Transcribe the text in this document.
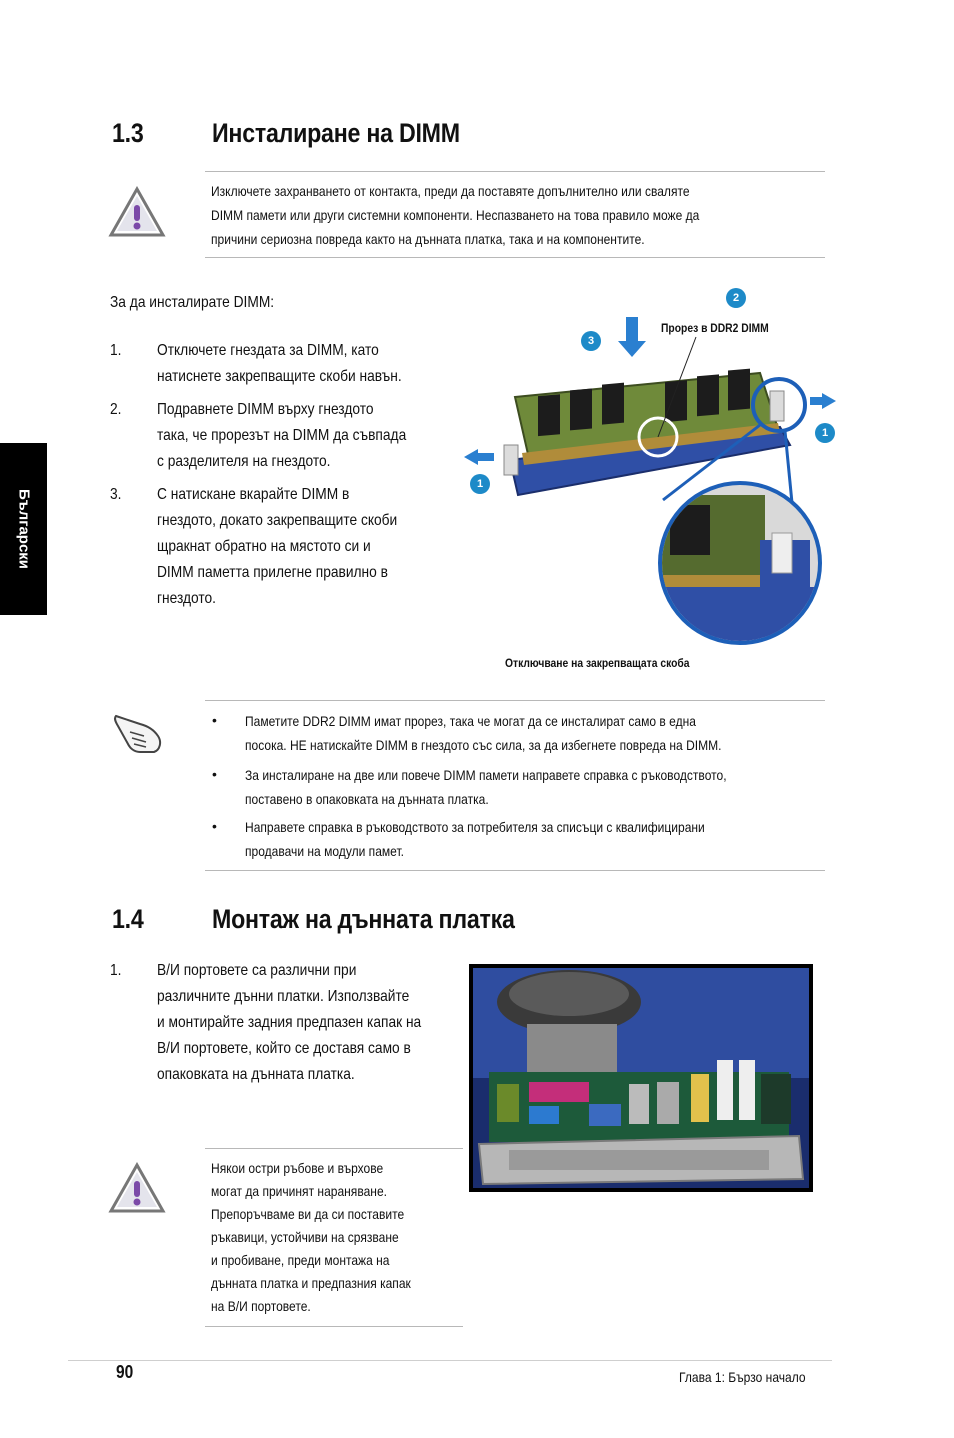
1.3	Инсталиране на DIMM
Изключете захранването от контакта, преди да поставяте допълнително или сваляте
DIMM памети или други системни компоненти. Неспазването на това правило може да
причини сериозна повреда както на дънната платка, така и на компонентите.
За да инсталирате DIMM:
1. Отключете гнездата за DIMM, като
натиснете закрепващите скоби навън.
2. Подравнете DIMM върху гнездото
така, че прорезът на DIMM да съвпада
с разделителя на гнездото.
3. С натискане вкарайте DIMM в
гнездото, докато закрепващите скоби
щракнат обратно на мястото си и
DIMM паметта прилегне правилно в
гнездото.
2
3
1
1
Прорез в DDR2 DIMM
Отключване на закрепващата скоба
• Паметите DDR2 DIMM имат прорез, така че могат да се инсталират само в една
посока. НЕ натискайте DIMM в гнездото със сила, за да избегнете повреда на DIMM.
• За инсталиране на две или повече DIMM памети направете справка с ръководството,
поставено в опаковката на дънната платка.
• Направете справка в ръководството за потребителя за списъци с квалифицирани
продавачи на модули памет.
1.4	Монтаж на дънната платка
1. В/И портовете са различни при
различните дънни платки. Използвайте
и монтирайте задния предпазен капак на
В/И портовете, който се доставя само в
опаковката на дънната платка.
Някои остри ръбове и върхове
могат да причинят нараняване.
Препоръчваме ви да си поставите
ръкавици, устойчиви на срязване
и пробиване, преди монтажа на
дънната платка и предпазния капак
на В/И портовете.
Български
90	Глава 1: Бързо начало
